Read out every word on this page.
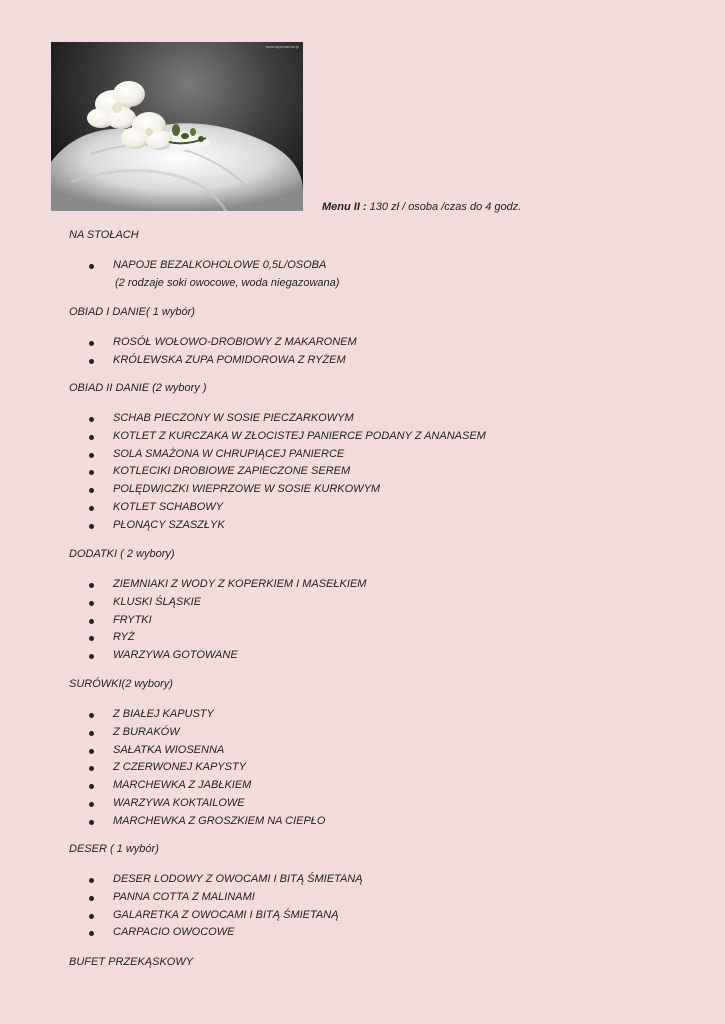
www.tapeciarnia.pl
Menu II : 130 zł / osoba /czas do 4 godz.
NA STOŁACH
NAPOJE BEZALKOHOLOWE 0,5L/OSOBA
(2 rodzaje soki owocowe, woda niegazowana)
OBIAD I DANIE( 1 wybór)
ROSÓŁ WOŁOWO-DROBIOWY Z MAKARONEM
KRÓLEWSKA ZUPA POMIDOROWA Z RYŻEM
OBIAD II DANIE (2 wybory )
SCHAB PIECZONY W SOSIE PIECZARKOWYM
KOTLET Z KURCZAKA W ZŁOCISTEJ PANIERCE PODANY Z ANANASEM
SOLA SMAŻONA W CHRUPIĄCEJ PANIERCE
KOTLECIKI DROBIOWE ZAPIECZONE SEREM
POLĘDWICZKI WIEPRZOWE W SOSIE KURKOWYM
KOTLET SCHABOWY
PŁONĄCY SZASZŁYK
DODATKI ( 2 wybory)
ZIEMNIAKI Z WODY Z KOPERKIEM I MASEŁKIEM
KLUSKI ŚLĄSKIE
FRYTKI
RYŻ
WARZYWA GOTOWANE
SURÓWKI(2 wybory)
Z BIAŁEJ KAPUSTY
Z BURAKÓW
SAŁATKA WIOSENNA
Z CZERWONEJ KAPYSTY
MARCHEWKA Z JABŁKIEM
WARZYWA KOKTAILOWE
MARCHEWKA Z GROSZKIEM NA CIEPŁO
DESER ( 1 wybór)
DESER LODOWY Z OWOCAMI I BITĄ ŚMIETANĄ
PANNA COTTA Z MALINAMI
GALARETKA Z OWOCAMI I BITĄ ŚMIETANĄ
CARPACIO OWOCOWE
BUFET PRZEKĄSKOWY
